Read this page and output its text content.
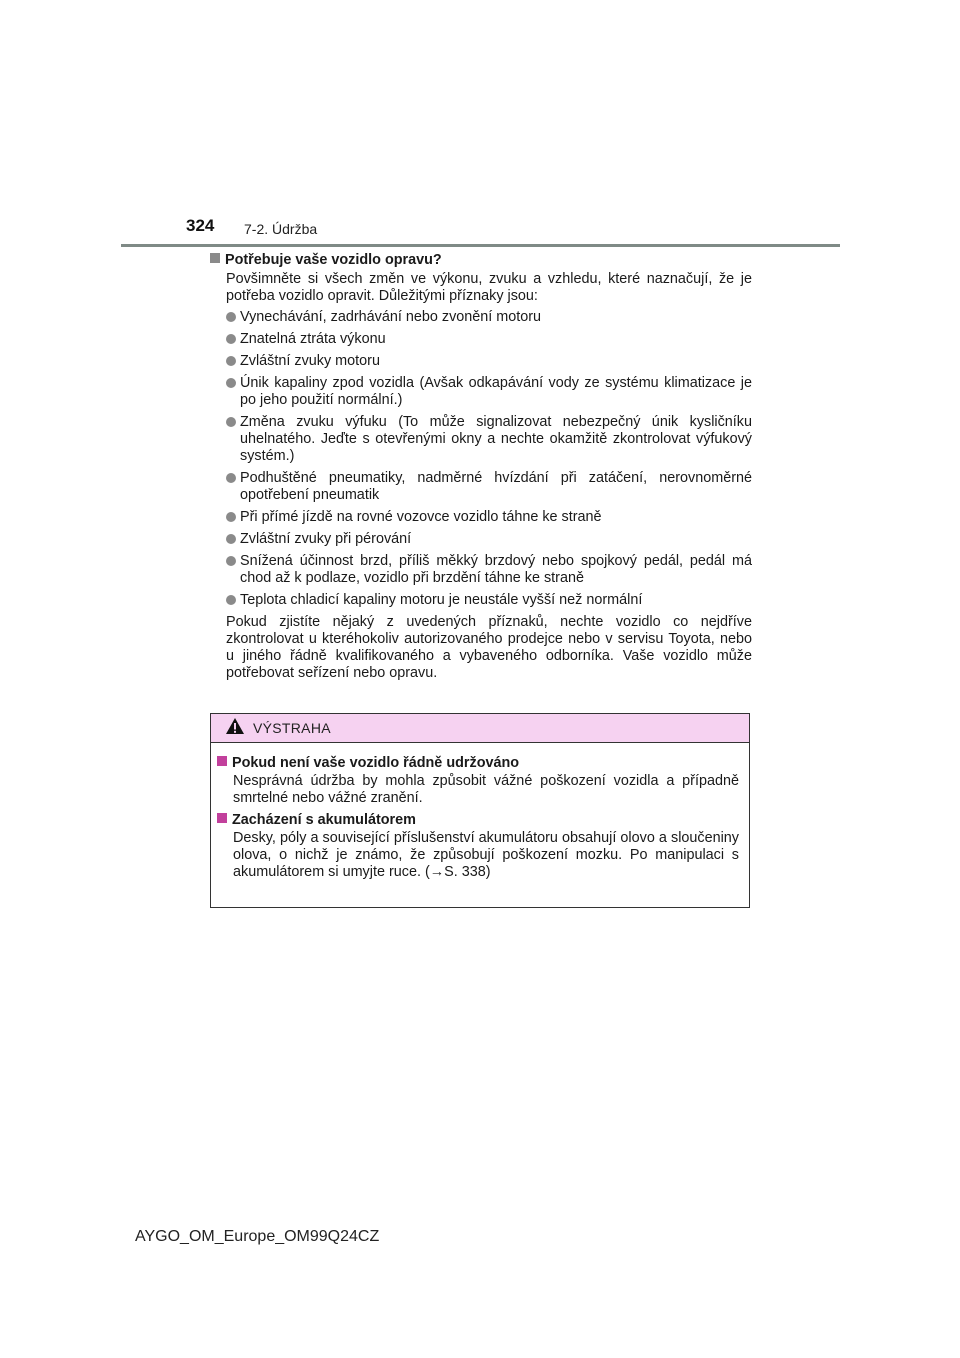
324 7-2. Údržba
Potřebuje vaše vozidlo opravu?
Povšimněte si všech změn ve výkonu, zvuku a vzhledu, které naznačují, že je potřeba vozidlo opravit. Důležitými příznaky jsou:
Vynechávání, zadrhávání nebo zvonění motoru
Znatelná ztráta výkonu
Zvláštní zvuky motoru
Únik kapaliny zpod vozidla (Avšak odkapávání vody ze systému klimatizace je po jeho použití normální.)
Změna zvuku výfuku (To může signalizovat nebezpečný únik kysličníku uhelnatého. Jeďte s otevřenými okny a nechte okamžitě zkontrolovat výfukový systém.)
Podhuštěné pneumatiky, nadměrné hvízdání při zatáčení, nerovnoměrné opotřebení pneumatik
Při přímé jízdě na rovné vozovce vozidlo táhne ke straně
Zvláštní zvuky při pérování
Snížená účinnost brzd, příliš měkký brzdový nebo spojkový pedál, pedál má chod až k podlaze, vozidlo při brzdění táhne ke straně
Teplota chladicí kapaliny motoru je neustále vyšší než normální
Pokud zjistíte nějaký z uvedených příznaků, nechte vozidlo co nejdříve zkontrolovat u kteréhokoliv autorizovaného prodejce nebo v servisu Toyota, nebo u jiného řádně kvalifikovaného a vybaveného odborníka. Vaše vozidlo může potřebovat seřízení nebo opravu.
VÝSTRAHA
Pokud není vaše vozidlo řádně udržováno
Nesprávná údržba by mohla způsobit vážné poškození vozidla a případně smrtelné nebo vážné zranění.
Zacházení s akumulátorem
Desky, póly a související příslušenství akumulátoru obsahují olovo a sloučeniny olova, o nichž je známo, že způsobují poškození mozku. Po manipulaci s akumulátorem si umyjte ruce. (→S. 338)
AYGO_OM_Europe_OM99Q24CZ
